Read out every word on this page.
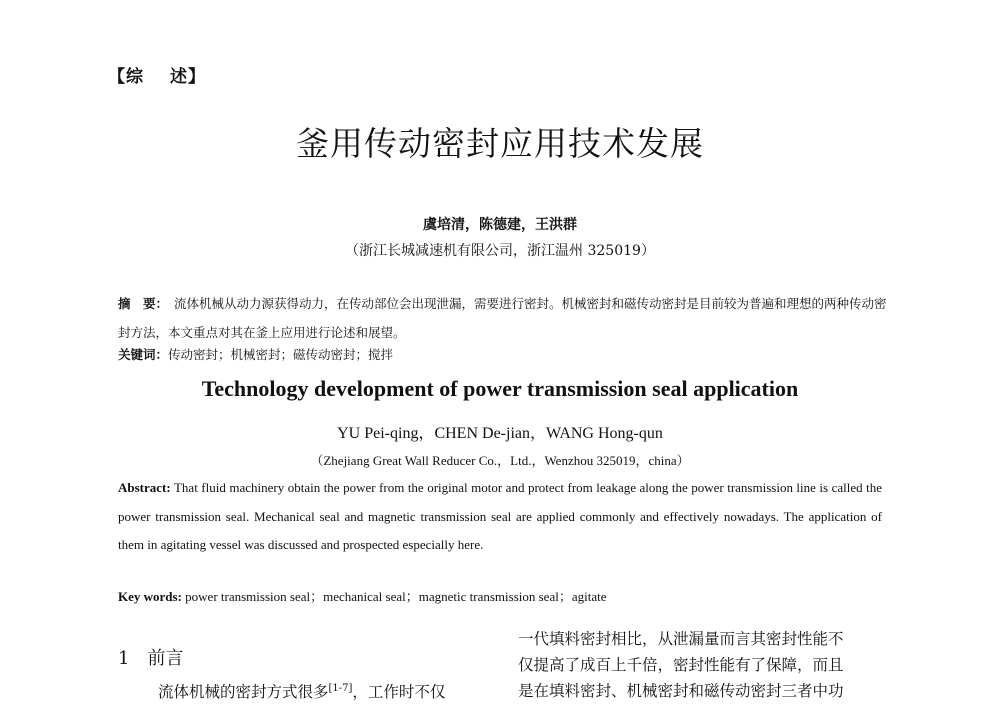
【综 述】
釜用传动密封应用技术发展
虞培清，陈德建，王洪群
（浙江长城减速机有限公司，浙江温州 325019）
摘　要： 流体机械从动力源获得动力，在传动部位会出现泄漏，需要进行密封。机械密封和磁传动密封是目前较为普遍和理想的两种传动密封方法，本文重点对其在釜上应用进行论述和展望。
关键词：传动密封；机械密封；磁传动密封；搅拌
Technology development of power transmission seal application
YU Pei-qing，CHEN De-jian，WANG Hong-qun
（Zhejiang Great Wall Reducer Co.，Ltd.，Wenzhou 325019，china）
Abstract: That fluid machinery obtain the power from the original motor and protect from leakage along the power transmission line is called the power transmission seal. Mechanical seal and magnetic transmission seal are applied commonly and effectively nowadays. The application of them in agitating vessel was discussed and prospected especially here.
Key words: power transmission seal；mechanical seal；magnetic transmission seal；agitate
1 前言
流体机械的密封方式很多[1-7]，工作时不仅
一代填料密封相比，从泄漏量而言其密封性能不
仅提高了成百上千倍，密封性能有了保障，而且
是在填料密封、机械密封和磁传动密封三者中功
